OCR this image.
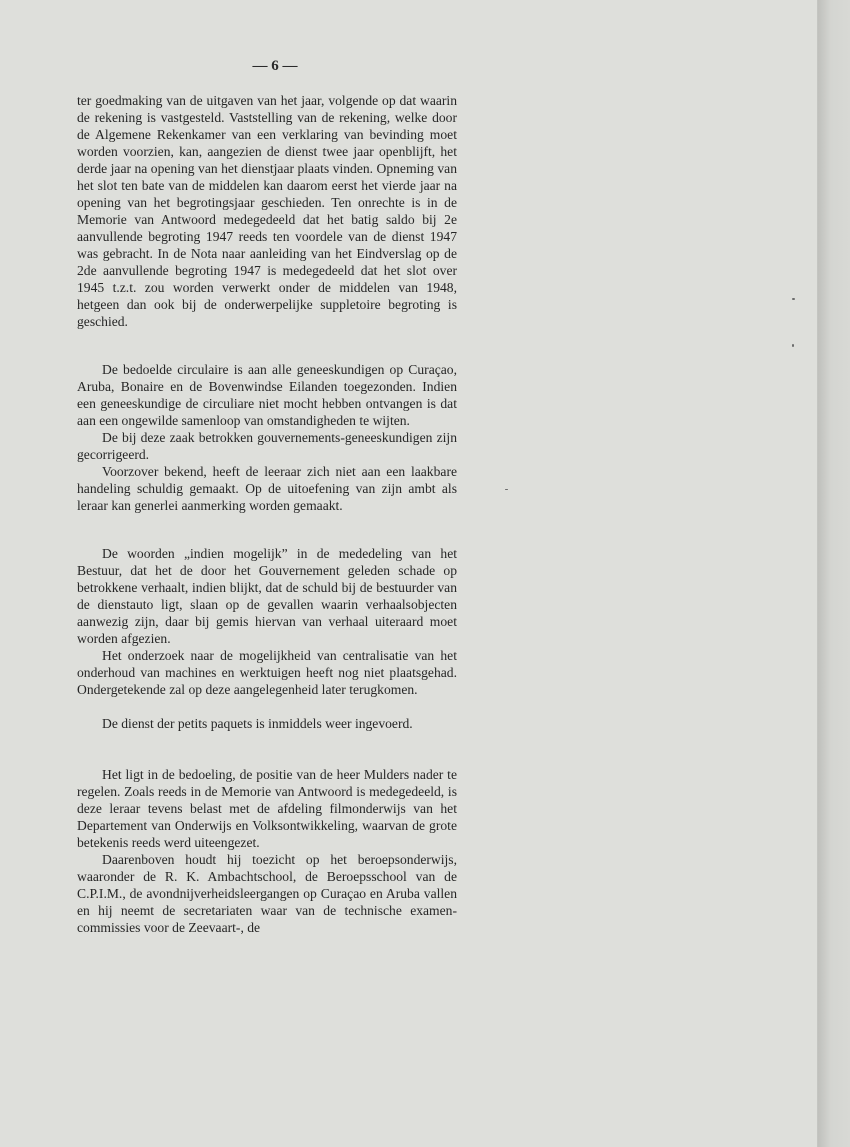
— 6 —

ter goedmaking van de uitgaven van het jaar, volgende op dat waarin de rekening is vastgesteld. Vaststelling van de rekening, welke door de Algemene Rekenkamer van een verklaring van bevinding moet worden voorzien, kan, aangezien de dienst twee jaar openblijft, het derde jaar na opening van het dienstjaar plaats vinden. Opneming van het slot ten bate van de middelen kan daarom eerst het vierde jaar na opening van het begrotingsjaar geschieden. Ten onrechte is in de Memorie van Antwoord medegedeeld dat het batig saldo bij 2e aanvullende begroting 1947 reeds ten voordele van de dienst 1947 was gebracht. In de Nota naar aanleiding van het Eindverslag op de 2de aanvullende begroting 1947 is medegedeeld dat het slot over 1945 t.z.t. zou worden verwerkt onder de middelen van 1948, hetgeen dan ook bij de onderwerpelijke suppletoire begroting is geschied.

De bedoelde circulaire is aan alle geneeskundigen op Curaçao, Aruba, Bonaire en de Bovenwindse Eilanden toegezonden. Indien een geneeskundige de circuliare niet mocht hebben ontvangen is dat aan een ongewilde samenloop van omstandigheden te wijten.

De bij deze zaak betrokken gouvernements-geneeskundigen zijn gecorrigeerd.

Voorzover bekend, heeft de leeraar zich niet aan een laakbare handeling schuldig gemaakt. Op de uitoefening van zijn ambt als leraar kan generlei aanmerking worden gemaakt.

De woorden „indien mogelijk” in de mededeling van het Bestuur, dat het de door het Gouvernement geleden schade op betrokkene verhaalt, indien blijkt, dat de schuld bij de bestuurder van de dienstauto ligt, slaan op de gevallen waarin verhaalsobjecten aanwezig zijn, daar bij gemis hiervan van verhaal uiteraard moet worden afgezien.

Het onderzoek naar de mogelijkheid van centralisatie van het onderhoud van machines en werktuigen heeft nog niet plaatsgehad. Ondergetekende zal op deze aangelegenheid later terugkomen.

De dienst der petits paquets is inmiddels weer ingevoerd.

Het ligt in de bedoeling, de positie van de heer Mulders nader te regelen. Zoals reeds in de Memorie van Antwoord is medegedeeld, is deze leraar tevens belast met de afdeling filmonderwijs van het Departement van Onderwijs en Volksontwikkeling, waarvan de grote betekenis reeds werd uiteengezet.

Daarenboven houdt hij toezicht op het beroepsonderwijs, waaronder de R. K. Ambachtschool, de Beroepsschool van de C.P.I.M., de avondnijverheidsleergangen op Curaçao en Aruba vallen en hij neemt de secretariaten waar van de technische examen-commissies voor de Zeevaart-, de
